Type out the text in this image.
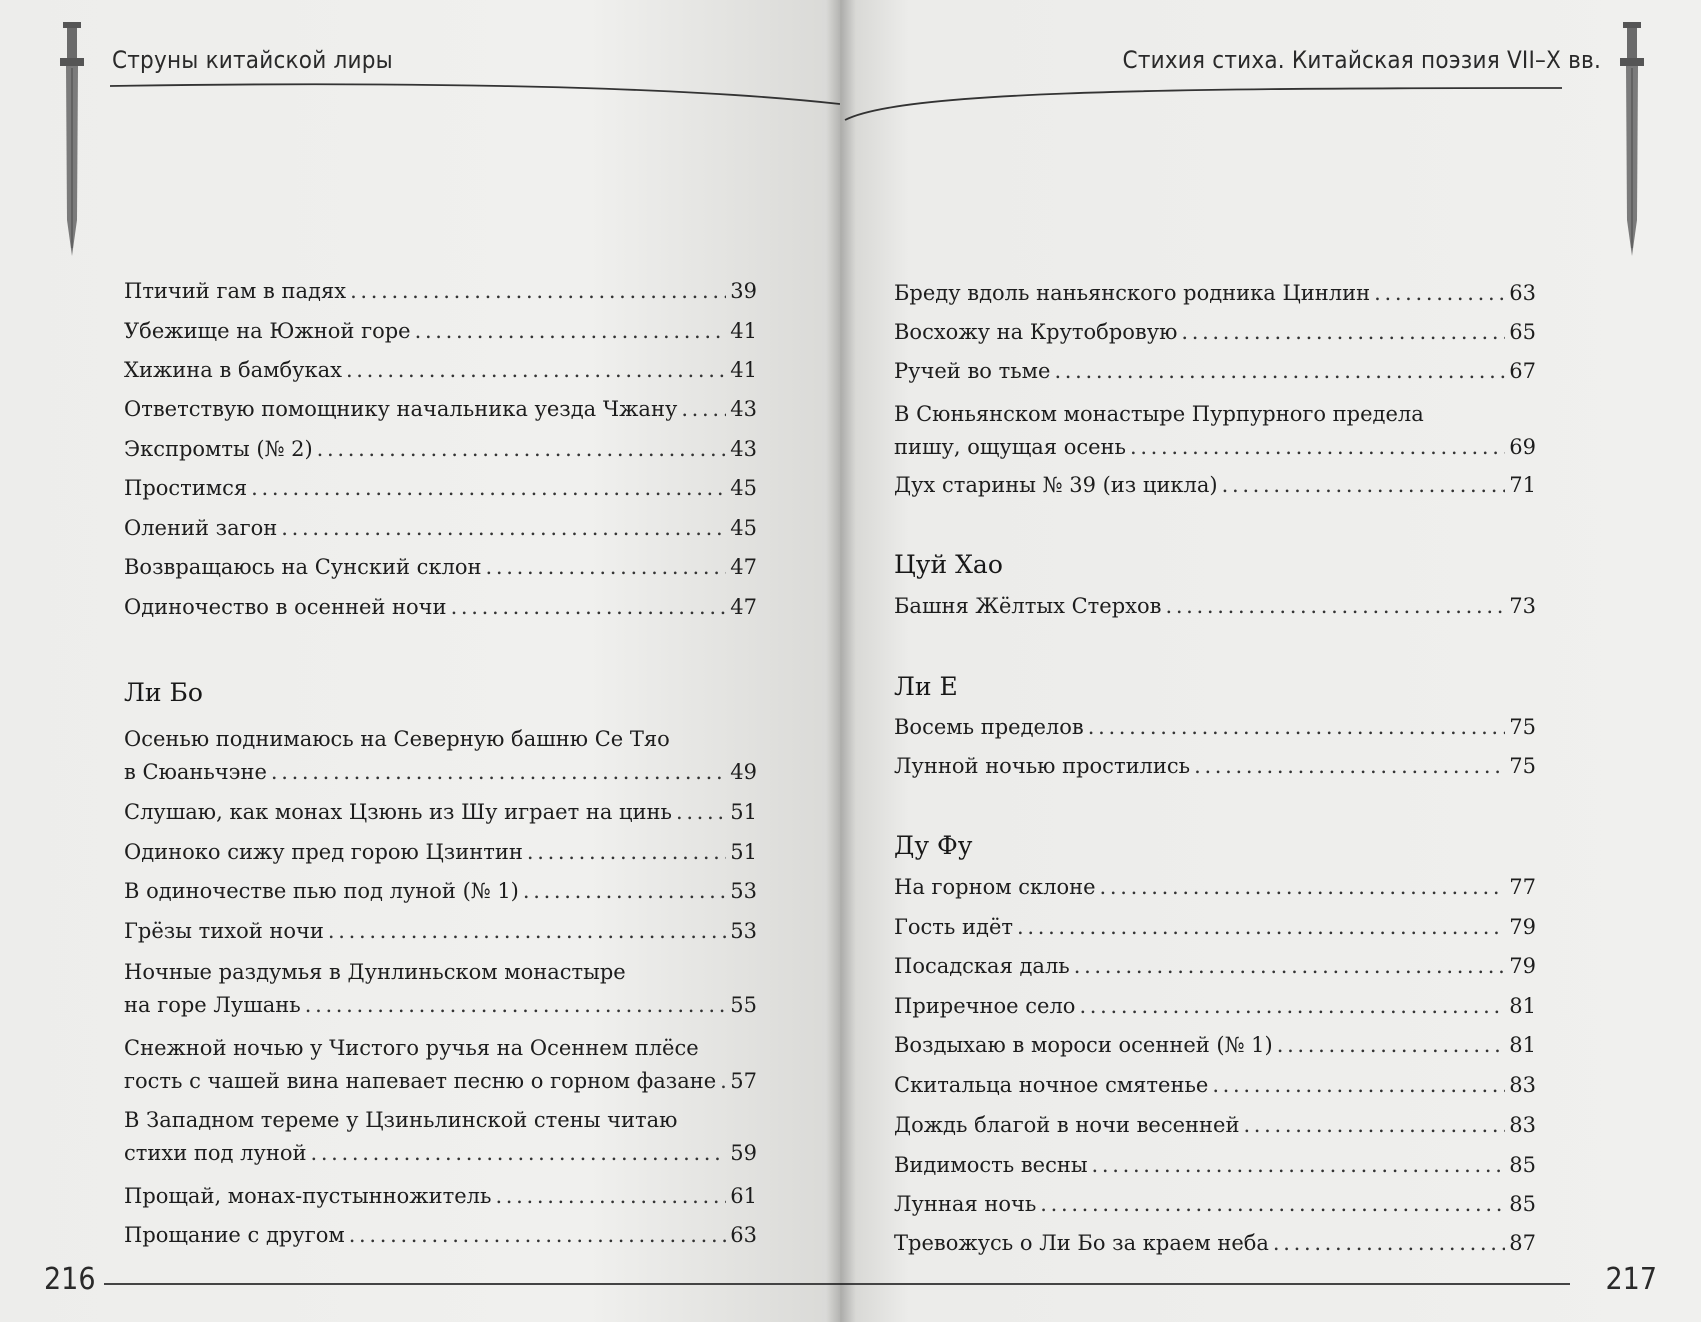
Струны китайской лиры
Птичий гам в падях . . .	39
Убежище на Южной горе . . .	41
Хижина в бамбуках . . .	41
Ответствую помощнику начальника уезда Чжану . . .	43
Экспромты (№ 2) . . .	43
Простимся . . .	45
Олений загон . . .	45
Возвращаюсь на Сунский склон . . .	47
Одиночество в осенней ночи . . .	47
Ли Бо
Осенью поднимаюсь на Северную башню Се Тяо
в Сюаньчэне . . .	49
Слушаю, как монах Цзюнь из Шу играет на цинь . . .	51
Одиноко сижу пред горою Цзинтин . . .	51
В одиночестве пью под луной (№ 1) . . .	53
Грёзы тихой ночи . . .	53
Ночные раздумья в Дунлиньском монастыре
на горе Лушань . . .	55
Снежной ночью у Чистого ручья на Осеннем плёсе
гость с чашей вина напевает песню о горном фазане . . . 57
В Западном тереме у Цзиньлинской стены читаю
стихи под луной . . .	59
Прощай, монах-пустынножитель . . .	61
Прощание с другом . . .	63
216
Стихия стиха. Китайская поэзия VII–X вв.
Бреду вдоль наньянского родника Цинлин . . .	63
Восхожу на Крутобровую . . .	65
Ручей во тьме . . .	67
В Сюньянском монастыре Пурпурного предела
пишу, ощущая осень . . .	69
Дух старины № 39 (из цикла) . . .	71
Цуй Хао
Башня Жёлтых Стерхов . . .	73
Ли Е
Восемь пределов . . .	75
Лунной ночью простились . . .	75
Ду Фу
На горном склоне . . .	77
Гость идёт . . .	79
Посадская даль . . .	79
Приречное село . . .	81
Воздыхаю в мороси осенней (№ 1) . . .	81
Скитальца ночное смятенье . . .	83
Дождь благой в ночи весенней . . .	83
Видимость весны . . .	85
Лунная ночь . . .	85
Тревожусь о Ли Бо за краем неба . . .	87
217
